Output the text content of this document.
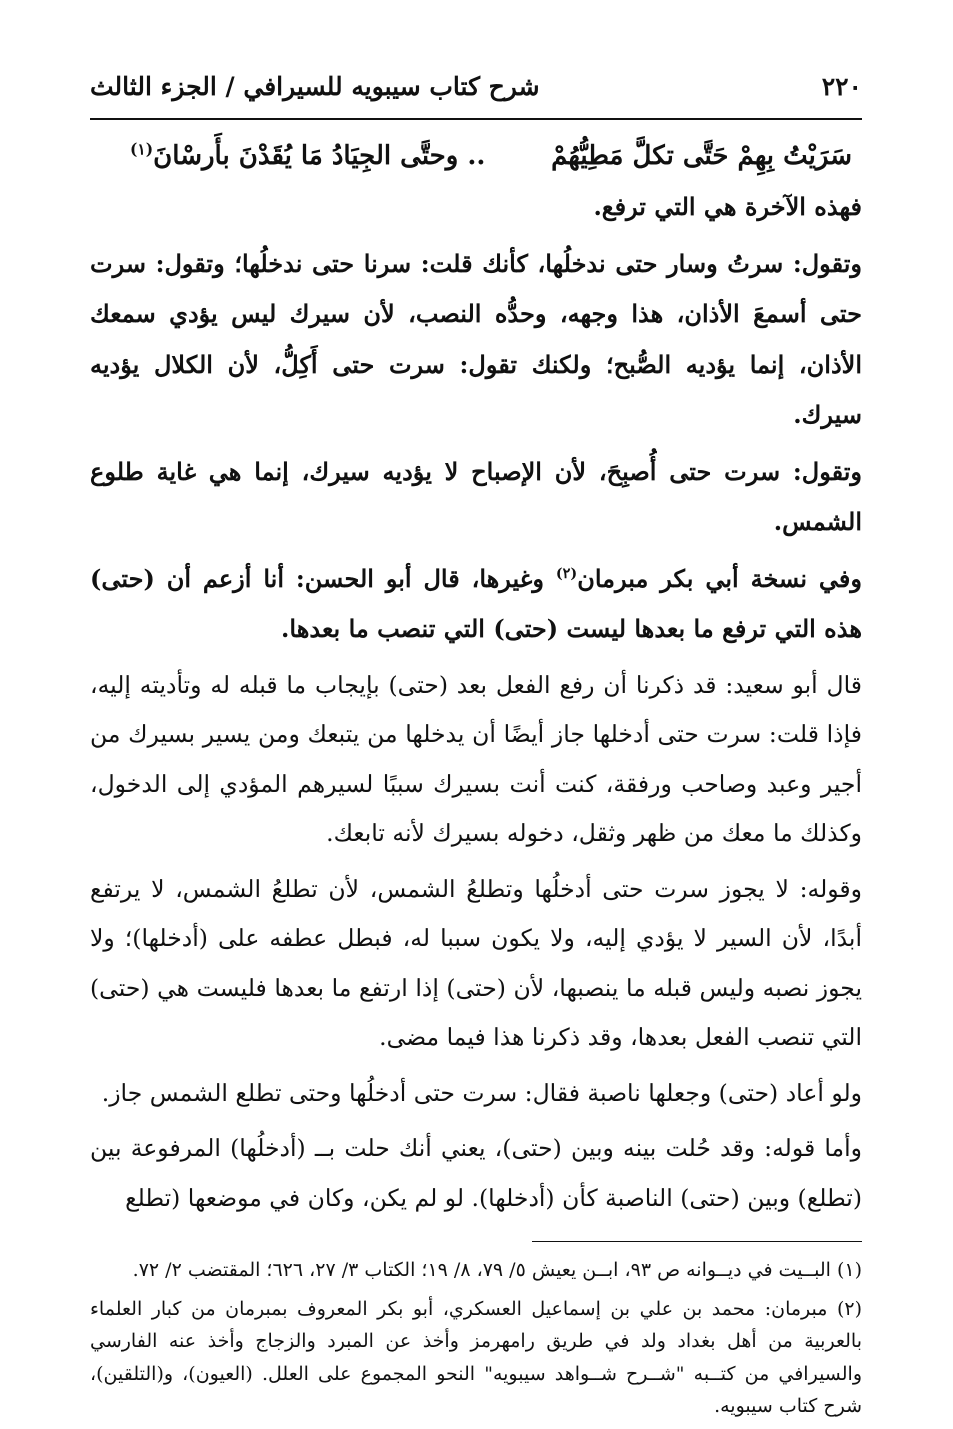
٢٢٠
شرح كتاب سيبويه للسيرافي / الجزء الثالث
سَرَيْتُ بِهِمْ حَتَّى تكلَّ مَطِيُّهُمْ
.. وحتَّى الجِيَادُ مَا يُقَدْنَ بأَرسْانَ$^{(١)}$

فهذه الآخرة هي التي ترفع.

وتقول: سرتُ وسار حتى ندخلُها، كأنك قلت: سرنا حتى ندخلُها؛ وتقول: سرت حتى أسمعَ الأذان، هذا وجهه، وحدُّه النصب، لأن سيرك ليس يؤدي سمعك الأذان، إنما يؤديه الصُّبح؛ ولكنك تقول: سرت حتى أَكِلُّ، لأن الكلال يؤديه سيرك.

وتقول: سرت حتى أُصبِحَ، لأن الإصباح لا يؤديه سيرك، إنما هي غاية طلوع الشمس.

وفي نسخة أبي بكر مبرمان$^{(٢)}$ وغيرها، قال أبو الحسن: أنا أزعم أن (حتى) هذه التي ترفع ما بعدها ليست (حتى) التي تنصب ما بعدها.

قال أبو سعيد: قد ذكرنا أن رفع الفعل بعد (حتى) بإيجاب ما قبله له وتأديته إليه، فإذا قلت: سرت حتى أدخلها جاز أيضًا أن يدخلها من يتبعك ومن يسير بسيرك من أجير وعبد وصاحب ورفقة، كنت أنت بسيرك سببًا لسيرهم المؤدي إلى الدخول، وكذلك ما معك من ظهر وثقل، دخوله بسيرك لأنه تابعك.

وقوله: لا يجوز سرت حتى أدخلُها وتطلعُ الشمس، لأن تطلعُ الشمس، لا يرتفع أبدًا، لأن السير لا يؤدي إليه، ولا يكون سببا له، فبطل عطفه على (أدخلها)؛ ولا يجوز نصبه وليس قبله ما ينصبها، لأن (حتى) إذا ارتفع ما بعدها فليست هي (حتى) التي تنصب الفعل بعدها، وقد ذكرنا هذا فيما مضى.

ولو أعاد (حتى) وجعلها ناصبة فقال: سرت حتى أدخلُها وحتى تطلع الشمس جاز.

وأما قوله: وقد حُلت بينه وبين (حتى)، يعني أنك حلت بــ (أدخلُها) المرفوعة بين (تطلع) وبين (حتى) الناصبة كأن (أدخلها). لو لم يكن، وكان في موضعها (تطلع

(١) البــيت في ديــوانه ص ٩٣، ابــن يعيش ٥/ ٧٩، ٨/ ١٩؛ الكتاب ٣/ ٢٧، ٦٢٦؛ المقتضب ٢/ ٧٢.

(٢) مبرمان: محمد بن علي بن إسماعيل العسكري، أبو بكر المعروف بمبرمان من كبار العلماء بالعربية من أهل بغداد ولد في طريق رامهرمز وأخذ عن المبرد والزجاج وأخذ عنه الفارسي والسيرافي من كتــبه "شــرح شــواهد سيبويه" النحو المجموع على العلل. (العيون)، و(التلقين)، شرح كتاب سيبويه.
